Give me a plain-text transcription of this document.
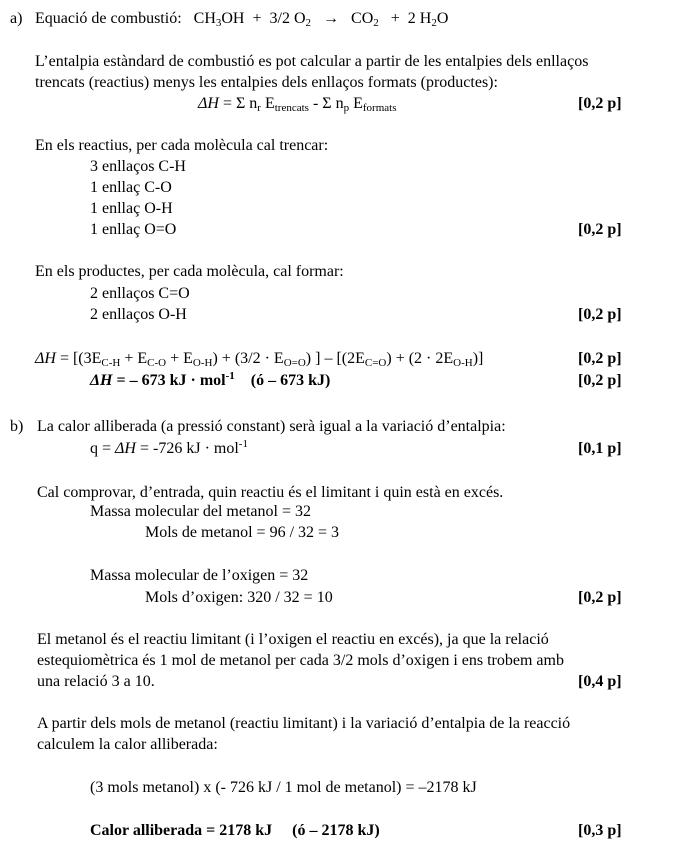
a) Equació de combustió: $CH_3OH + 3/2$ $O_2 \to CO_2 + 2$ $H_2O$
L’entalpia estàndard de combustió es pot calcular a partir de les entalpies dels enllaços
trencats (reactius) menys les entalpies dels enllaços formats (productes):
ΔH = Σ $n_r$ $E_{trencats}$ - Σ $n_p$ $E_{formats}$	[0,2 p]
En els reactius, per cada molècula cal trencar:
3 enllaços C-H
1 enllaç C-O
1 enllaç O-H
1 enllaç O=O	[0,2 p]
En els productes, per cada molècula, cal formar:
2 enllaços C=O
2 enllaços O-H	[0,2 p]
$\Delta H = [(3E_{C-H} + E_{C-O} + E_{O-H}) + (3/2 \cdot E_{O=O})$ ] – $[(2E_{C=O}) + (2 \cdot 2E_{O-H})]$	[0,2 p]
ΔH = – 673 kJ · mol$^{-1}$ (ó – 673 kJ)	[0,2 p]
b) La calor alliberada (a pressió constant) serà igual a la variació d’entalpia:
q = ΔH = -726 kJ · mol$^{-1}$	[0,1 p]
Cal comprovar, d’entrada, quin reactiu és el limitant i quin està en excés.
Massa molecular del metanol = 32
Mols de metanol = 96 / 32 = 3
Massa molecular de l’oxigen = 32
Mols d’oxigen: 320 / 32 = 10	[0,2 p]
El metanol és el reactiu limitant (i l’oxigen el reactiu en excés), ja que la relació
estequiomètrica és 1 mol de metanol per cada 3/2 mols d’oxigen i ens trobem amb
una relació 3 a 10.	[0,4 p]
A partir dels mols de metanol (reactiu limitant) i la variació d’entalpia de la reacció
calculem la calor alliberada:
(3 mols metanol) x (- 726 kJ / 1 mol de metanol) = –2178 kJ
Calor alliberada = 2178 kJ (ó – 2178 kJ)	[0,3 p]
